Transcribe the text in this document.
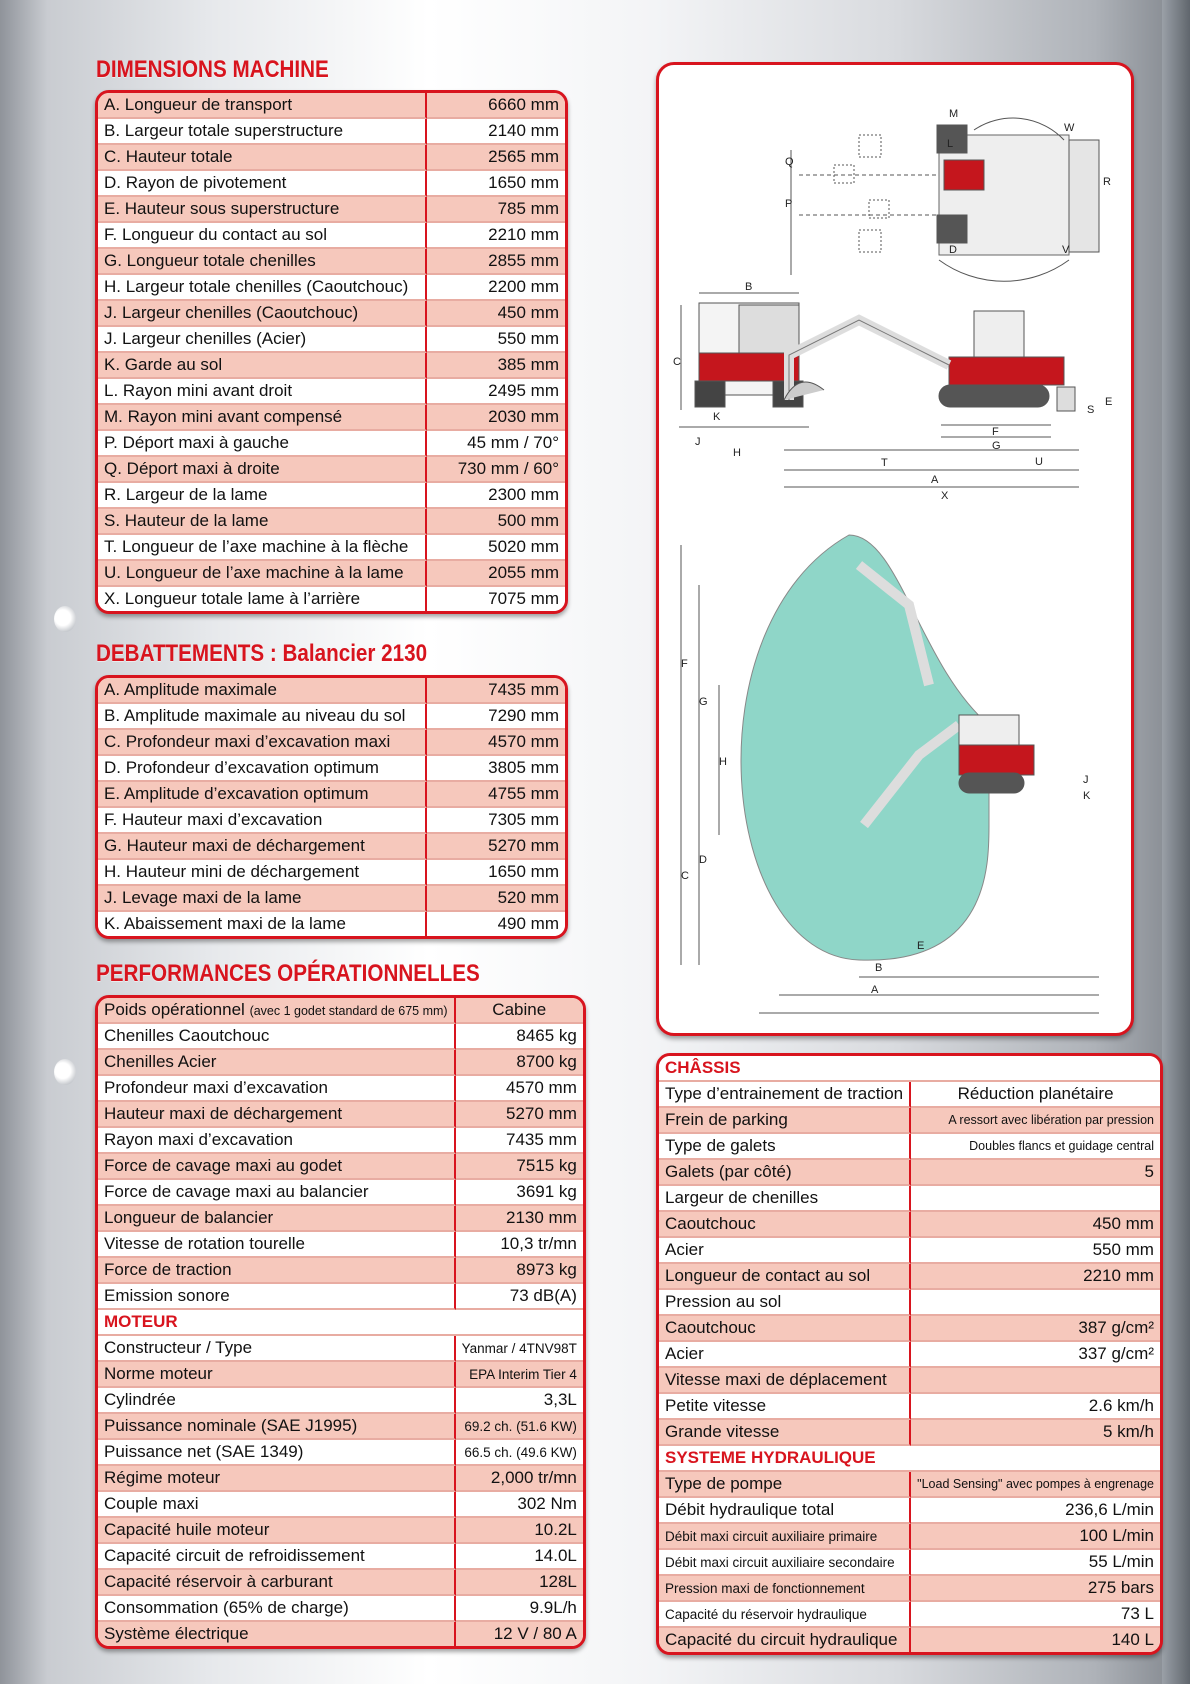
DIMENSIONS MACHINE
A. Longueur de transport	6660 mm
B. Largeur totale superstructure	2140 mm
C. Hauteur totale	2565 mm
D. Rayon de pivotement	1650 mm
E. Hauteur sous superstructure	785 mm
F. Longueur du contact au sol	2210 mm
G. Longueur totale chenilles	2855 mm
H. Largeur totale chenilles (Caoutchouc)	2200 mm
J. Largeur chenilles (Caoutchouc)	450 mm
J. Largeur chenilles (Acier)	550 mm
K. Garde au sol	385 mm
L. Rayon mini avant droit	2495 mm
M. Rayon mini avant compensé	2030 mm
P. Déport maxi à gauche	45 mm / 70°
Q. Déport maxi à droite	730 mm / 60°
R. Largeur de la lame	2300 mm
S. Hauteur de la lame	500 mm
T. Longueur de l’axe machine à la flèche	5020 mm
U. Longueur de l’axe machine à la lame	2055 mm
X. Longueur totale lame à l’arrière	7075 mm
DEBATTEMENTS : Balancier 2130
A. Amplitude maximale	7435 mm
B. Amplitude maximale au niveau du sol	7290 mm
C. Profondeur maxi d’excavation maxi	4570 mm
D. Profondeur d’excavation optimum	3805 mm
E. Amplitude d’excavation optimum	4755 mm
F. Hauteur maxi d’excavation	7305 mm
G. Hauteur maxi de déchargement	5270 mm
H. Hauteur mini de déchargement	1650 mm
J. Levage maxi de la lame	520 mm
K. Abaissement maxi de la lame	490 mm
PERFORMANCES OPÉRATIONNELLES
Poids opérationnel (avec 1 godet standard de 675 mm)	Cabine
Chenilles Caoutchouc	8465 kg
Chenilles Acier	8700 kg
Profondeur maxi d’excavation	4570 mm
Hauteur maxi de déchargement	5270 mm
Rayon maxi d’excavation	7435 mm
Force de cavage maxi au godet	7515 kg
Force de cavage maxi au balancier	3691 kg
Longueur de balancier	2130 mm
Vitesse de rotation tourelle	10,3 tr/mn
Force de traction	8973 kg
Emission sonore	73 dB(A)
MOTEUR	
Constructeur / Type	Yanmar / 4TNV98T
Norme moteur	EPA Interim Tier 4
Cylindrée	3,3L
Puissance nominale (SAE J1995)	69.2 ch. (51.6 KW)
Puissance net (SAE 1349)	66.5 ch. (49.6 KW)
Régime moteur	2,000 tr/mn
Couple maxi	302 Nm
Capacité huile moteur	10.2L
Capacité circuit de refroidissement	14.0L
Capacité réservoir à carburant	128L
Consommation (65% de charge)	9.9L/h
Système électrique	12 V / 80 A
M
L
W
Q
P
R
D	V
B
C
K
J
H
T
F
G
A
X
U
S
E
F
G
H
C
D
J
K
E
B
A
CHÂSSIS	
Type d’entrainement de traction	Réduction planétaire
Frein de parking	A ressort avec libération par pression
Type de galets	Doubles flancs et guidage central
Galets (par côté)	5
Largeur de chenilles	
Caoutchouc	450 mm
Acier	550 mm
Longueur de contact au sol	2210 mm
Pression au sol	
Caoutchouc	387 g/cm²
Acier	337 g/cm²
Vitesse maxi de déplacement	
Petite vitesse	2.6 km/h
Grande vitesse	5 km/h
SYSTEME HYDRAULIQUE	
Type de pompe	"Load Sensing" avec pompes à engrenage
Débit hydraulique total	236,6 L/min
Débit maxi circuit auxiliaire primaire	100 L/min
Débit maxi circuit auxiliaire secondaire	55 L/min
Pression maxi de fonctionnement	275 bars
Capacité du réservoir hydraulique	73 L
Capacité du circuit hydraulique	140 L
